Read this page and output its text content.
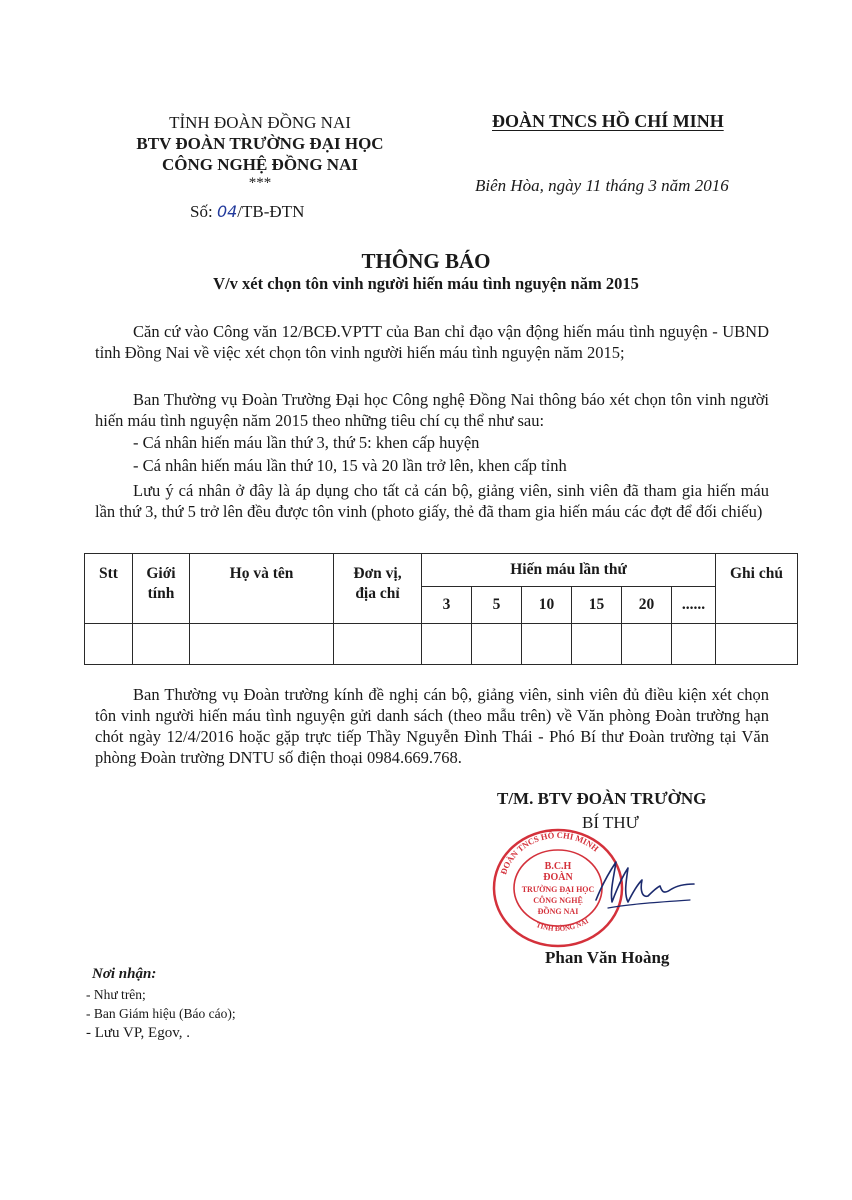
TỈNH ĐOÀN ĐỒNG NAI
BTV ĐOÀN TRƯỜNG ĐẠI HỌC
CÔNG NGHỆ ĐỒNG NAI
***
Số: 04/TB-ĐTN
ĐOÀN TNCS HỒ CHÍ MINH
Biên Hòa, ngày 11 tháng 3 năm 2016
THÔNG BÁO
V/v xét chọn tôn vinh người hiến máu tình nguyện năm 2015
Căn cứ vào Công văn 12/BCĐ.VPTT của Ban chỉ đạo vận động hiến máu tình nguyện - UBND tỉnh Đồng Nai về việc xét chọn tôn vinh người hiến máu tình nguyện năm 2015;
Ban Thường vụ Đoàn Trường Đại học Công nghệ Đồng Nai thông báo xét chọn tôn vinh người hiến máu tình nguyện năm 2015 theo những tiêu chí cụ thể như sau:
- Cá nhân hiến máu lần thứ 3, thứ 5: khen cấp huyện
- Cá nhân hiến máu lần thứ 10, 15 và 20 lần trở lên, khen cấp tỉnh
Lưu ý cá nhân ở đây là áp dụng cho tất cả cán bộ, giảng viên, sinh viên đã tham gia hiến máu lần thứ 3, thứ 5 trở lên đều được tôn vinh (photo giấy, thẻ đã tham gia hiến máu các đợt để đối chiếu)
Stt	Giới tính	Họ và tên	Đơn vị, địa chỉ	Hiến máu lần thứ						Ghi chú
				3	5	10	15	20	......	

Ban Thường vụ Đoàn trường kính đề nghị cán bộ, giảng viên, sinh viên đủ điều kiện xét chọn tôn vinh người hiến máu tình nguyện gửi danh sách (theo mẫu trên) về Văn phòng Đoàn trường hạn chót ngày 12/4/2016 hoặc gặp trực tiếp Thầy Nguyễn Đình Thái - Phó Bí thư Đoàn trường tại Văn phòng Đoàn trường DNTU số điện thoại 0984.669.768.
T/M. BTV ĐOÀN TRƯỜNG
BÍ THƯ
ĐOÀN TNCS HỒ CHÍ MINH
B.C.H
ĐOÀN
TRƯỜNG ĐẠI HỌC
CÔNG NGHỆ
ĐỒNG NAI
TỈNH ĐỒNG NAI
Phan Văn Hoàng
Nơi nhận:
- Như trên;
- Ban Giám hiệu (Báo cáo);
- Lưu VP, Egov, .
